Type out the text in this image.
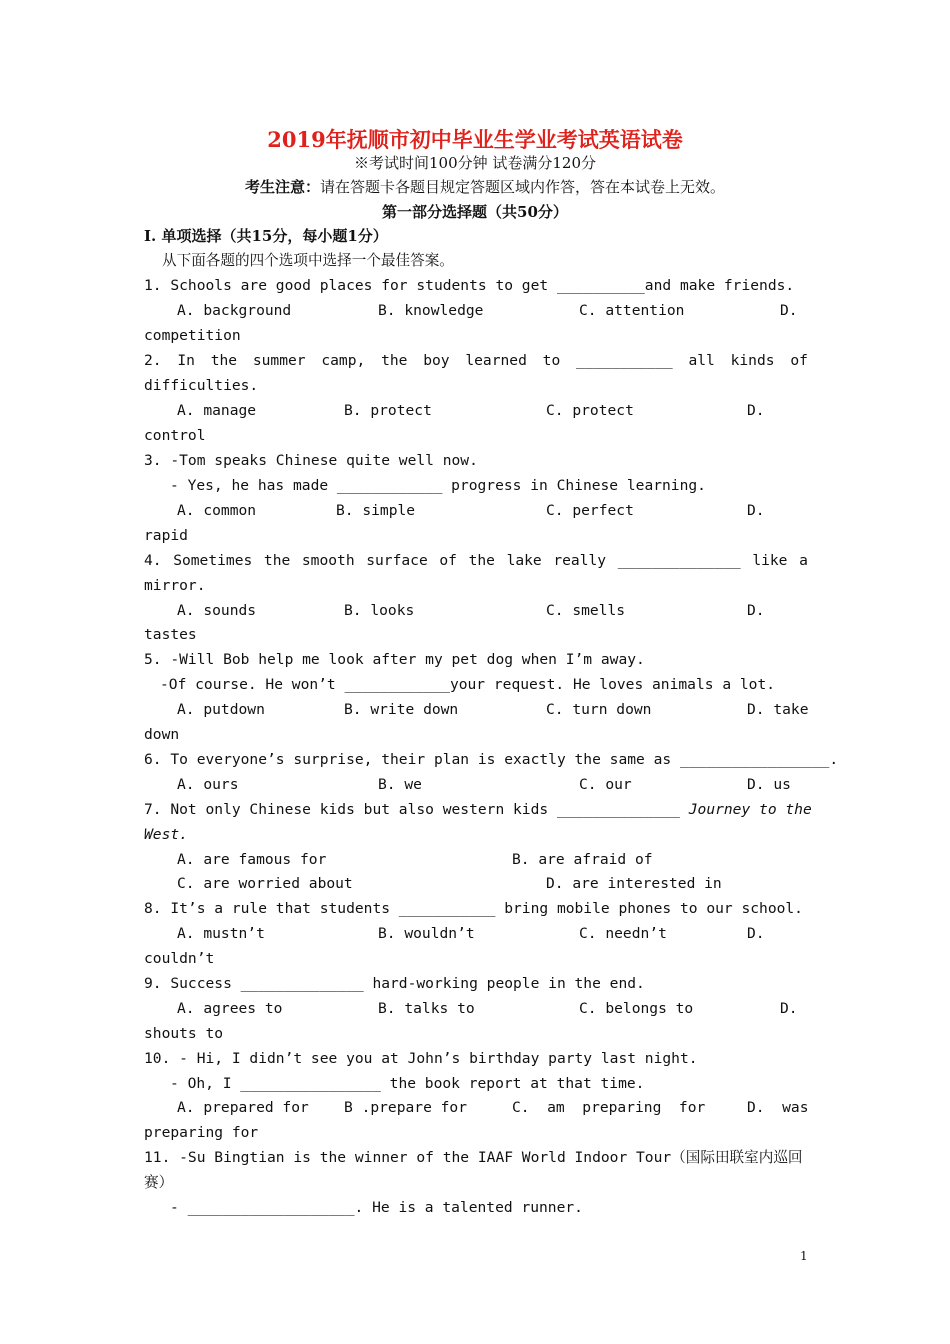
2019年抚顺市初中毕业生学业考试英语试卷
※考试时间100分钟 试卷满分120分
考生注意：请在答题卡各题目规定答题区域内作答，答在本试卷上无效。
第一部分选择题（共50分）
I. 单项选择（共15分，每小题1分）
从下面各题的四个选项中选择一个最佳答案。
1. Schools are good places for students to get __________and make friends.
A. background	B. knowledge	C. attention	D.
competition
2. In the summer camp, the boy learned to ___________ all kinds of
difficulties.
A. manage	B. protect	C. protect	D.
control
3. -Tom speaks Chinese quite well now.
- Yes, he has made ____________ progress in Chinese learning.
A. common	B. simple	C. perfect	D.
rapid
4. Sometimes the smooth surface of the lake really ______________ like a
mirror.
A. sounds	B. looks	C. smells	D.
tastes
5. -Will Bob help me look after my pet dog when I’m away.
-Of course. He won’t ____________your request. He loves animals a lot.
A. putdown	B. write down	C. turn down	D. take
down
6. To everyone’s surprise, their plan is exactly the same as _________________.
A. ours	B. we	C. our	D. us
7. Not only Chinese kids but also western kids ______________ Journey to the
West.
A. are famous for	B. are afraid of
C. are worried about	D. are interested in
8. It’s a rule that students ___________ bring mobile phones to our school.
A. mustn’t	B. wouldn’t	C. needn’t	D.
couldn’t
9. Success ______________ hard-working people in the end.
A. agrees to	B. talks to	C. belongs to	D.
shouts to
10. - Hi, I didn’t see you at John’s birthday party last night.
- Oh, I ________________ the book report at that time.
A. prepared for B .prepare for	C.  am  preparing  for	D.  was
preparing for
11. -Su Bingtian is the winner of the IAAF World Indoor Tour（国际田联室内巡回
赛）
- ___________________. He is a talented runner.
1
